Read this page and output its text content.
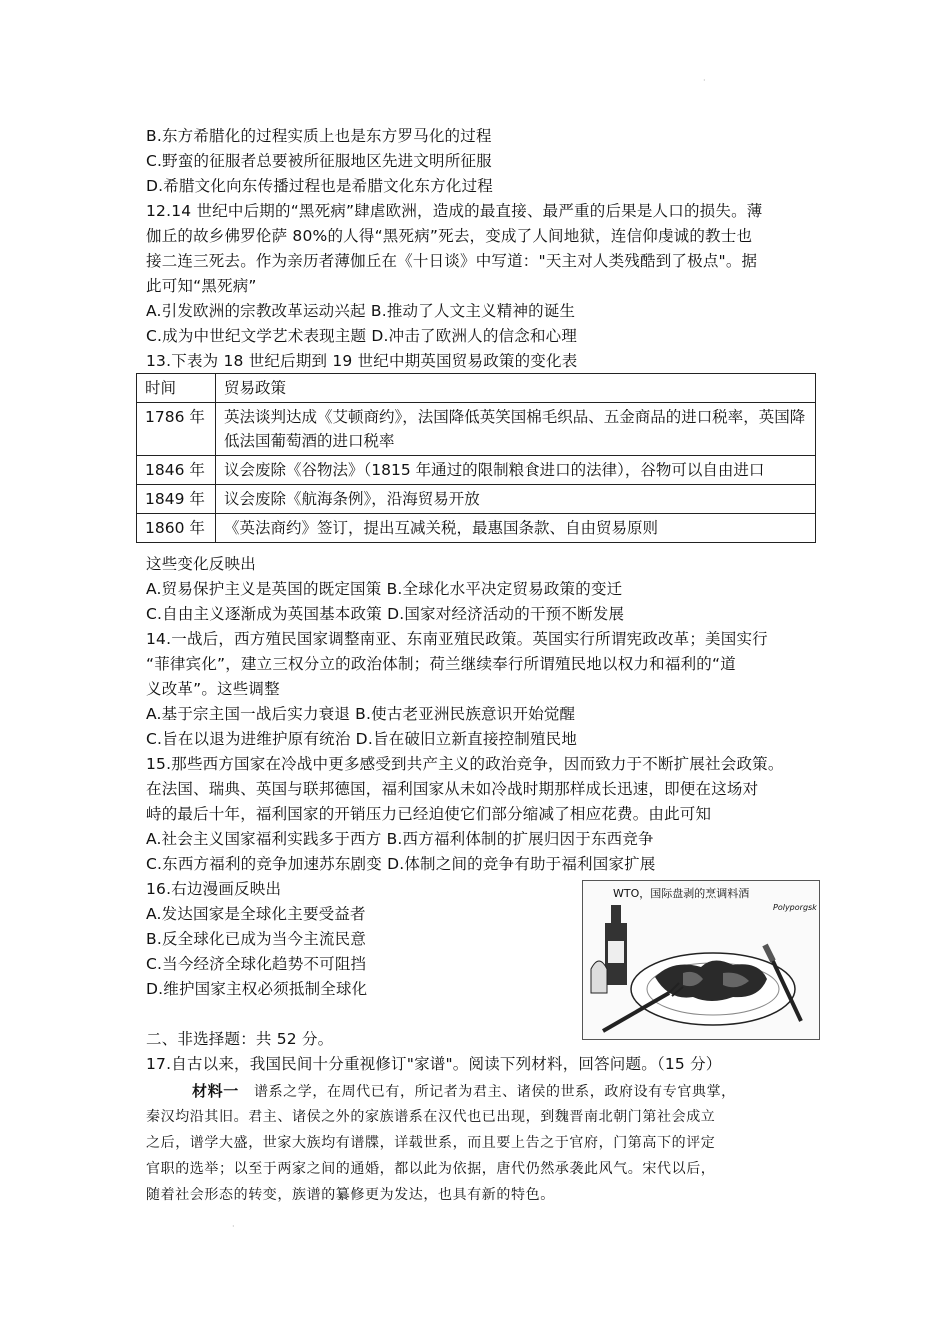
·
B.东方希腊化的过程实质上也是东方罗马化的过程
C.野蛮的征服者总要被所征服地区先进文明所征服
D.希腊文化向东传播过程也是希腊文化东方化过程
12.14 世纪中后期的“黑死病”肆虐欧洲，造成的最直接、最严重的后果是人口的损失。薄
伽丘的故乡佛罗伦萨 80%的人得“黑死病”死去，变成了人间地狱，连信仰虔诚的教士也
接二连三死去。作为亲历者薄伽丘在《十日谈》中写道："天主对人类残酷到了极点"。据
此可知“黑死病”
A.引发欧洲的宗教改革运动兴起 B.推动了人文主义精神的诞生
C.成为中世纪文学艺术表现主题 D.冲击了欧洲人的信念和心理
13.下表为 18 世纪后期到 19 世纪中期英国贸易政策的变化表
时间	贸易政策
1786 年	英法谈判达成《艾顿商约》，法国降低英笑国棉毛织品、五金商品的进口税率，英国降低法国葡萄酒的进口税率
1846 年	议会废除《谷物法》（1815 年通过的限制粮食进口的法律），谷物可以自由进口
1849 年	议会废除《航海条例》，沿海贸易开放
1860 年	《英法商约》签订，提出互减关税，最惠国条款、自由贸易原则
这些变化反映出
A.贸易保护主义是英国的既定国策 B.全球化水平决定贸易政策的变迁
C.自由主义逐渐成为英国基本政策 D.国家对经济活动的干预不断发展
14.一战后，西方殖民国家调整南亚、东南亚殖民政策。英国实行所谓宪政改革；美国实行
“菲律宾化”，建立三权分立的政治体制；荷兰继续奉行所谓殖民地以权力和福利的“道
义改革”。这些调整
A.基于宗主国一战后实力衰退 B.使古老亚洲民族意识开始觉醒
C.旨在以退为进维护原有统治 D.旨在破旧立新直接控制殖民地
15.那些西方国家在冷战中更多感受到共产主义的政治竞争，因而致力于不断扩展社会政策。
在法国、瑞典、英国与联邦德国，福利国家从未如冷战时期那样成长迅速，即便在这场对
峙的最后十年，福利国家的开销压力已经迫使它们部分缩减了相应花费。由此可知
A.社会主义国家福利实践多于西方 B.西方福利体制的扩展归因于东西竞争
C.东西方福利的竞争加速苏东剧变 D.体制之间的竞争有助于福利国家扩展
16.右边漫画反映出
A.发达国家是全球化主要受益者
B.反全球化已成为当今主流民意
C.当今经济全球化趋势不可阻挡
D.维护国家主权必须抵制全球化
WTO，国际盘剥的烹调料酒
Polyporgsk
二、非选择题：共 52 分。
17.自古以来，我国民间十分重视修订"家谱"。阅读下列材料，回答问题。（15 分）
材料一 谱系之学，在周代已有，所记者为君主、诸侯的世系，政府设有专官典掌，
秦汉均沿其旧。君主、诸侯之外的家族谱系在汉代也已出现，到魏晋南北朝门第社会成立
之后，谱学大盛，世家大族均有谱牒，详载世系，而且要上告之于官府，门第高下的评定
官职的选举；以至于两家之间的通婚，都以此为依据，唐代仍然承袭此风气。宋代以后，
随着社会形态的转变，族谱的纂修更为发达，也具有新的特色。
·
